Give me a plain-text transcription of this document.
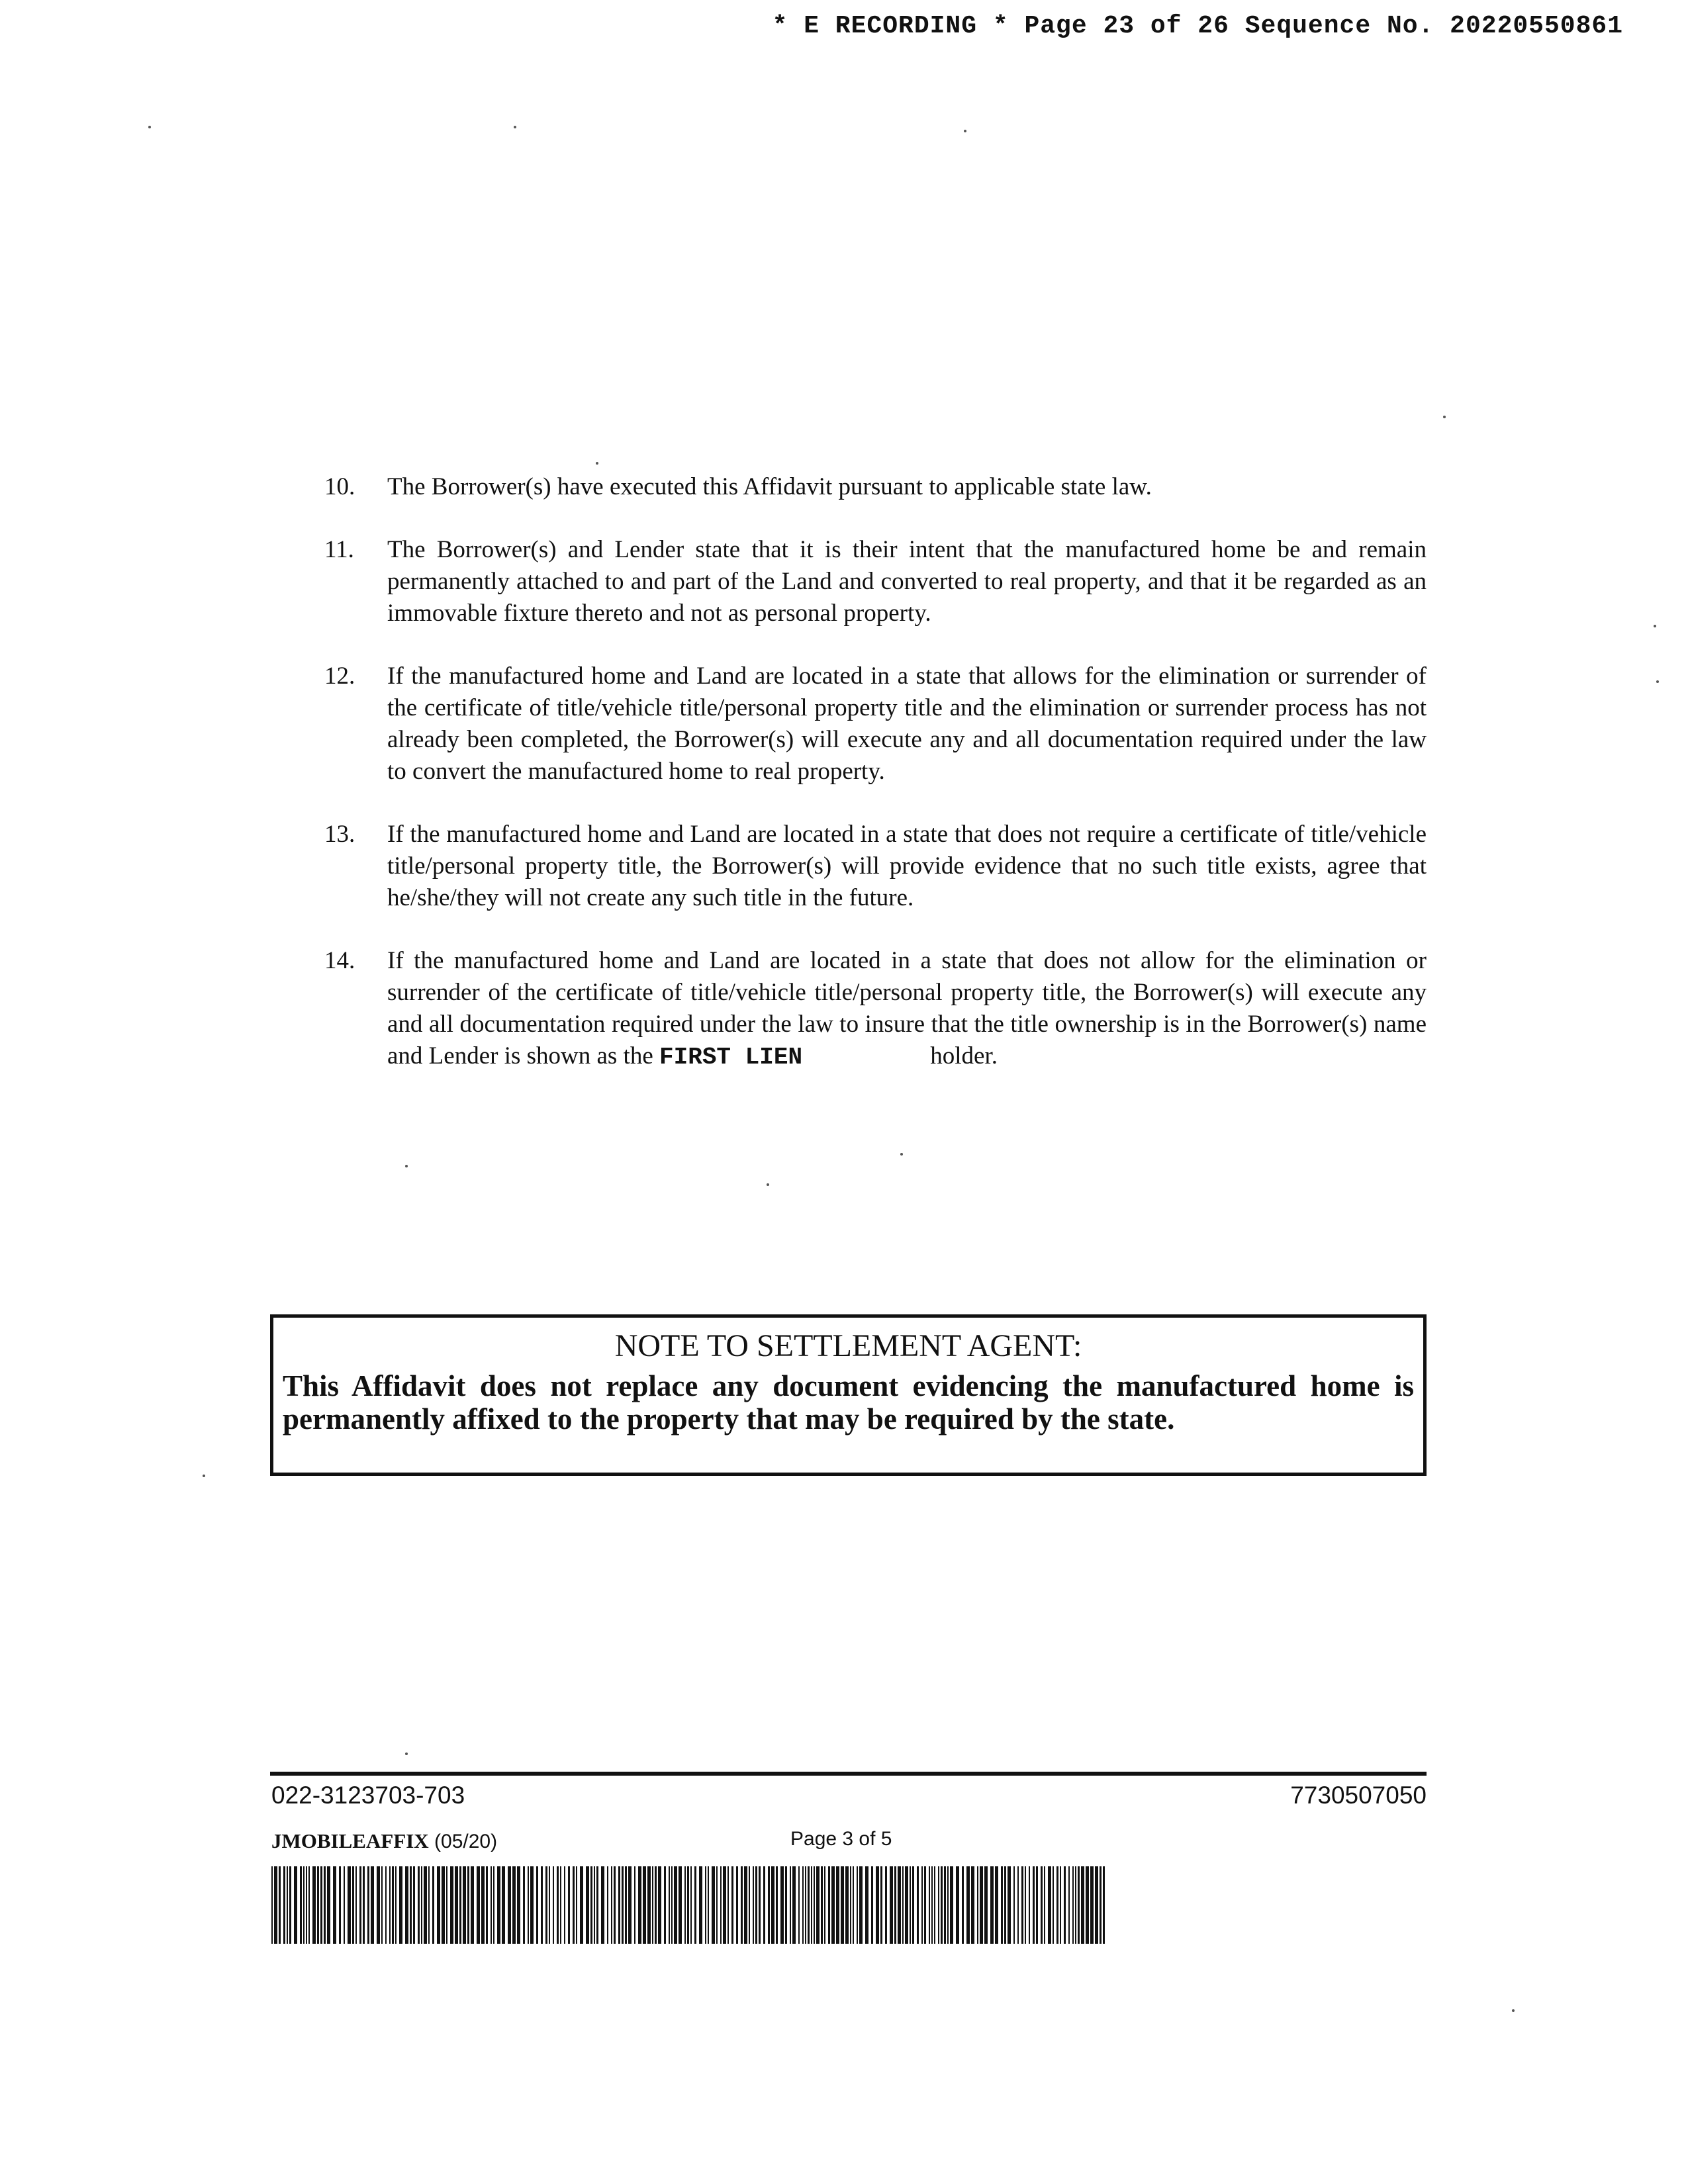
* E RECORDING * Page 23 of 26 Sequence No. 20220550861
10.	The Borrower(s) have executed this Affidavit pursuant to applicable state law.
11.	The Borrower(s) and Lender state that it is their intent that the manufactured home be and remain permanently attached to and part of the Land and converted to real property, and that it be regarded as an immovable fixture thereto and not as personal property.
12.	If the manufactured home and Land are located in a state that allows for the elimination or surrender of the certificate of title/vehicle title/personal property title and the elimination or surrender process has not already been completed, the Borrower(s) will execute any and all documentation required under the law to convert the manufactured home to real property.
13.	If the manufactured home and Land are located in a state that does not require a certificate of title/vehicle title/personal property title, the Borrower(s) will provide evidence that no such title exists, agree that he/she/they will not create any such title in the future.
14.	If the manufactured home and Land are located in a state that does not allow for the elimination or surrender of the certificate of title/vehicle title/personal property title, the Borrower(s) will execute any and all documentation required under the law to insure that the title ownership is in the Borrower(s) name and Lender is shown as the FIRST LIEN	holder.
NOTE TO SETTLEMENT AGENT:
This Affidavit does not replace any document evidencing the manufactured home is permanently affixed to the property that may be required by the state.
022-3123703-703	7730507050
JMOBILEAFFIX (05/20)	Page 3 of 5
